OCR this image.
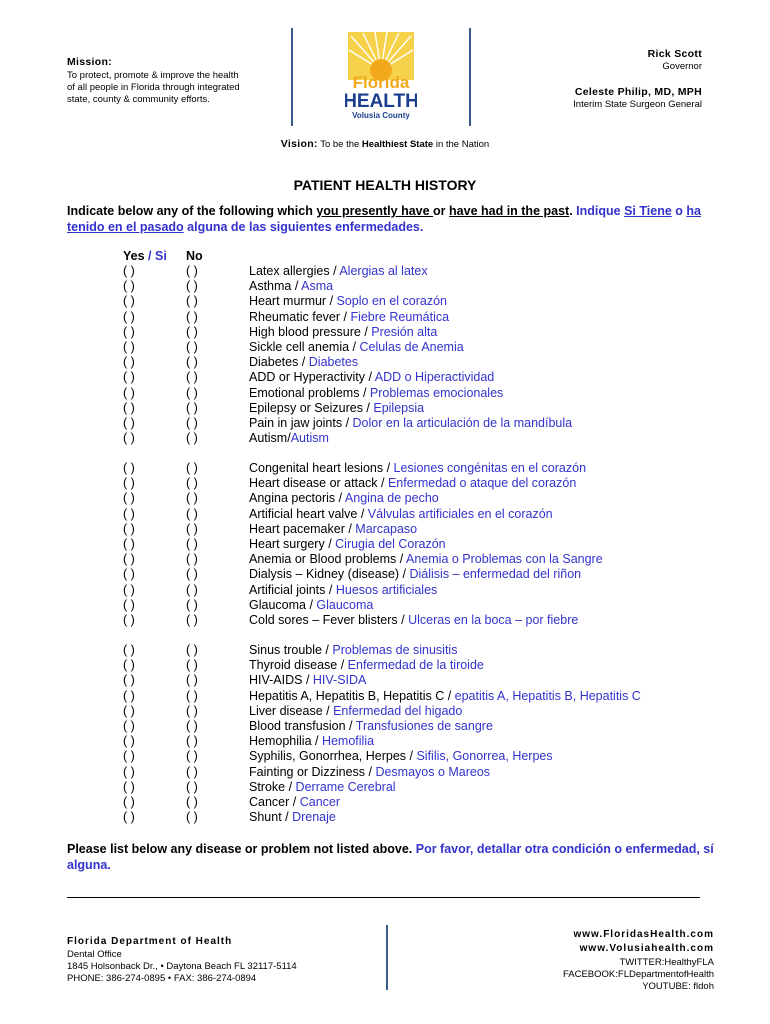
Mission:
To protect, promote & improve the health
of all people in Florida through integrated
state, county & community efforts.
Florida
HEALTH
Volusia County
Rick Scott
Governor
Celeste Philip, MD, MPH
Interim State Surgeon General
Vision: To be the Healthiest State in the Nation
PATIENT HEALTH HISTORY
Indicate below any of the following which you presently have or have had in the past. Indique Si Tiene o ha tenido en el pasado alguna de las siguientes enfermedades.
Yes / Si No
( )	( )	Latex allergies / Alergias al latex
( )	( )	Asthma / Asma
( )	( )	Heart murmur / Soplo en el corazón
( )	( )	Rheumatic fever / Fiebre Reumática
( )	( )	High blood pressure / Presión alta
( )	( )	Sickle cell anemia / Celulas de Anemia
( )	( )	Diabetes / Diabetes
( )	( )	ADD or Hyperactivity / ADD o Hiperactividad
( )	( )	Emotional problems / Problemas emocionales
( )	( )	Epilepsy or Seizures / Epilepsia
( )	( )	Pain in jaw joints / Dolor en la articulación de la mandíbula
( )	( )	Autism/Autism
( )	( )	Congenital heart lesions / Lesiones congénitas en el corazón
( )	( )	Heart disease or attack / Enfermedad o ataque del corazón
( )	( )	Angina pectoris / Angina de pecho
( )	( )	Artificial heart valve / Válvulas artificiales en el corazón
( )	( )	Heart pacemaker / Marcapaso
( )	( )	Heart surgery / Cirugia del Corazón
( )	( )	Anemia or Blood problems / Anemia o Problemas con la Sangre
( )	( )	Dialysis – Kidney (disease) / Diálisis – enfermedad del riñon
( )	( )	Artificial joints / Huesos artificiales
( )	( )	Glaucoma / Glaucoma
( )	( )	Cold sores – Fever blisters / Ulceras en la boca – por fiebre
( )	( )	Sinus trouble / Problemas de sinusitis
( )	( )	Thyroid disease / Enfermedad de la tiroide
( )	( )	HIV-AIDS / HIV-SIDA
( )	( )	Hepatitis A, Hepatitis B, Hepatitis C / epatitis A, Hepatitis B, Hepatitis C
( )	( )	Liver disease / Enfermedad del higado
( )	( )	Blood transfusion / Transfusiones de sangre
( )	( )	Hemophilia / Hemofilia
( )	( )	Syphilis, Gonorrhea, Herpes / Sifilis, Gonorrea, Herpes
( )	( )	Fainting or Dizziness / Desmayos o Mareos
( )	( )	Stroke / Derrame Cerebral
( )	( )	Cancer / Cancer
( )	( )	Shunt / Drenaje
Please list below any disease or problem not listed above. Por favor, detallar otra condición o enfermedad, sí alguna.
Florida Department of Health
Dental Office
1845 Holsonback Dr., • Daytona Beach FL 32117-5114
PHONE: 386-274-0895 • FAX: 386-274-0894
www.FloridasHealth.com
www.Volusiahealth.com
TWITTER:HealthyFLA
FACEBOOK:FLDepartmentofHealth
YOUTUBE: fldoh
